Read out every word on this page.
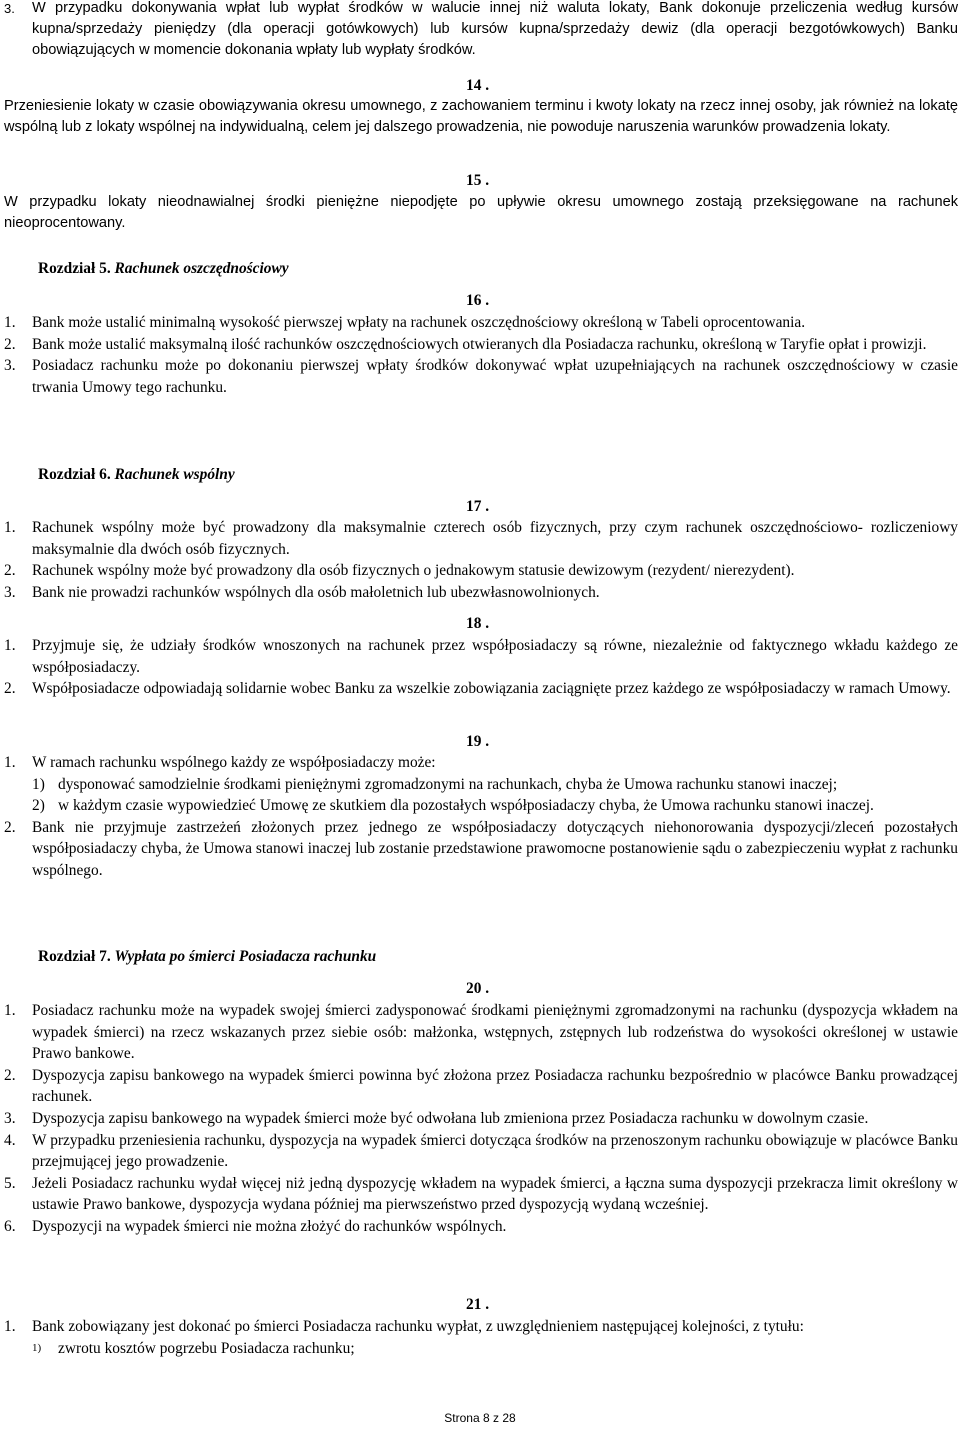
3. W przypadku dokonywania wpłat lub wypłat środków w walucie innej niż waluta lokaty, Bank dokonuje przeliczenia według kursów kupna/sprzedaży pieniędzy (dla operacji gotówkowych) lub kursów kupna/sprzedaży dewiz (dla operacji bezgotówkowych) Banku obowiązujących w momencie dokonania wpłaty lub wypłaty środków.
14 .
Przeniesienie lokaty w czasie obowiązywania okresu umownego, z zachowaniem terminu i kwoty lokaty na rzecz innej osoby, jak również na lokatę wspólną lub z lokaty wspólnej na indywidualną, celem jej dalszego prowadzenia, nie powoduje naruszenia warunków prowadzenia lokaty.
15 .
W przypadku lokaty nieodnawialnej środki pieniężne niepodjęte po upływie okresu umownego zostają przeksięgowane na rachunek nieoprocentowany.
Rozdział 5. Rachunek oszczędnościowy
16 .
1. Bank może ustalić minimalną wysokość pierwszej wpłaty na rachunek oszczędnościowy określoną w Tabeli oprocentowania.
2. Bank może ustalić maksymalną ilość rachunków oszczędnościowych otwieranych dla Posiadacza rachunku, określoną w Taryfie opłat i prowizji.
3. Posiadacz rachunku może po dokonaniu pierwszej wpłaty środków dokonywać wpłat uzupełniających na rachunek oszczędnościowy w czasie trwania Umowy tego rachunku.
Rozdział 6. Rachunek wspólny
17 .
1. Rachunek wspólny może być prowadzony dla maksymalnie czterech osób fizycznych, przy czym rachunek oszczędnościowo- rozliczeniowy maksymalnie dla dwóch osób fizycznych.
2. Rachunek wspólny może być prowadzony dla osób fizycznych o jednakowym statusie dewizowym (rezydent/ nierezydent).
3. Bank nie prowadzi rachunków wspólnych dla osób małoletnich lub ubezwłasnowolnionych.
18 .
1. Przyjmuje się, że udziały środków wnoszonych na rachunek przez współposiadaczy są równe, niezależnie od faktycznego wkładu każdego ze współposiadaczy.
2. Współposiadacze odpowiadają solidarnie wobec Banku za wszelkie zobowiązania zaciągnięte przez każdego ze współposiadaczy w ramach Umowy.
19 .
1. W ramach rachunku wspólnego każdy ze współposiadaczy może:
1) dysponować samodzielnie środkami pieniężnymi zgromadzonymi na rachunkach, chyba że Umowa rachunku stanowi inaczej;
2) w każdym czasie wypowiedzieć Umowę ze skutkiem dla pozostałych współposiadaczy chyba, że Umowa rachunku stanowi inaczej.
2. Bank nie przyjmuje zastrzeżeń złożonych przez jednego ze współposiadaczy dotyczących niehonorowania dyspozycji/zleceń pozostałych współposiadaczy chyba, że Umowa stanowi inaczej lub zostanie przedstawione prawomocne postanowienie sądu o zabezpieczeniu wypłat z rachunku wspólnego.
Rozdział 7. Wypłata po śmierci Posiadacza rachunku
20 .
1. Posiadacz rachunku może na wypadek swojej śmierci zadysponować środkami pieniężnymi zgromadzonymi na rachunku (dyspozycja wkładem na wypadek śmierci) na rzecz wskazanych przez siebie osób: małżonka, wstępnych, zstępnych lub rodzeństwa do wysokości określonej w ustawie Prawo bankowe.
2. Dyspozycja zapisu bankowego na wypadek śmierci powinna być złożona przez Posiadacza rachunku bezpośrednio w placówce Banku prowadzącej rachunek.
3. Dyspozycja zapisu bankowego na wypadek śmierci może być odwołana lub zmieniona przez Posiadacza rachunku w dowolnym czasie.
4. W przypadku przeniesienia rachunku, dyspozycja na wypadek śmierci dotycząca środków na przenoszonym rachunku obowiązuje w placówce Banku przejmującej jego prowadzenie.
5. Jeżeli Posiadacz rachunku wydał więcej niż jedną dyspozycję wkładem na wypadek śmierci, a łączna suma dyspozycji przekracza limit określony w ustawie Prawo bankowe, dyspozycja wydana później ma pierwszeństwo przed dyspozycją wydaną wcześniej.
6. Dyspozycji na wypadek śmierci nie można złożyć do rachunków wspólnych.
21 .
1. Bank zobowiązany jest dokonać po śmierci Posiadacza rachunku wypłat, z uwzględnieniem następującej kolejności, z tytułu:
1) zwrotu kosztów pogrzebu Posiadacza rachunku;
Strona 8 z 28
